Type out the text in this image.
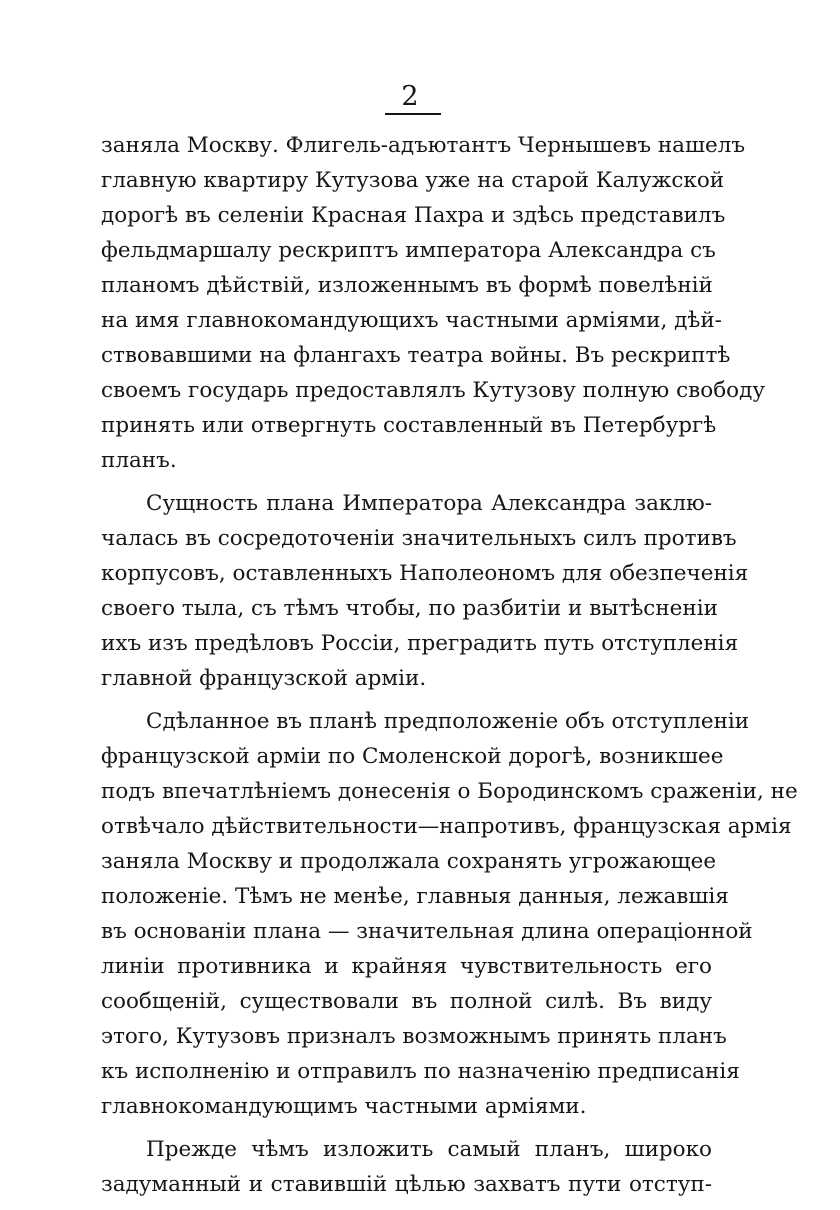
2
заняла Москву. Флигель-адъютантъ Чернышевъ нашелъ
главную квартиру Кутузова уже на старой Калужской
дорогѣ въ селеніи Красная Пахра и здѣсь представилъ
фельдмаршалу рескриптъ императора Александра съ
планомъ дѣйствій, изложеннымъ въ формѣ повелѣній
на имя главнокомандующихъ частными арміями, дѣй-
ствовавшими на флангахъ театра войны. Въ рескриптѣ
своемъ государь предоставлялъ Кутузову полную свободу
принять или отвергнуть составленный въ Петербургѣ
планъ.
Сущность плана Императора Александра заклю-
чалась въ сосредоточеніи значительныхъ силъ противъ
корпусовъ, оставленныхъ Наполеономъ для обезпеченія
своего тыла, съ тѣмъ чтобы, по разбитіи и вытѣсненіи
ихъ изъ предѣловъ Россіи, преградить путь отступленія
главной французской арміи.
Сдѣланное въ планѣ предположеніе объ отступленіи
французской арміи по Смоленской дорогѣ, возникшее
подъ впечатлѣніемъ донесенія о Бородинскомъ сраженіи, не
отвѣчало дѣйствительности—напротивъ, французская армія
заняла Москву и продолжала сохранять угрожающее
положеніе. Тѣмъ не менѣе, главныя данныя, лежавшія
въ основаніи плана — значительная длина операціонной
линіи противника и крайняя чувствительность его
сообщеній, существовали въ полной силѣ. Въ виду
этого, Кутузовъ призналъ возможнымъ принять планъ
къ исполненію и отправилъ по назначенію предписанія
главнокомандующимъ частными арміями.
Прежде чѣмъ изложить самый планъ, широко
задуманный и ставившій цѣлью захватъ пути отступ-
